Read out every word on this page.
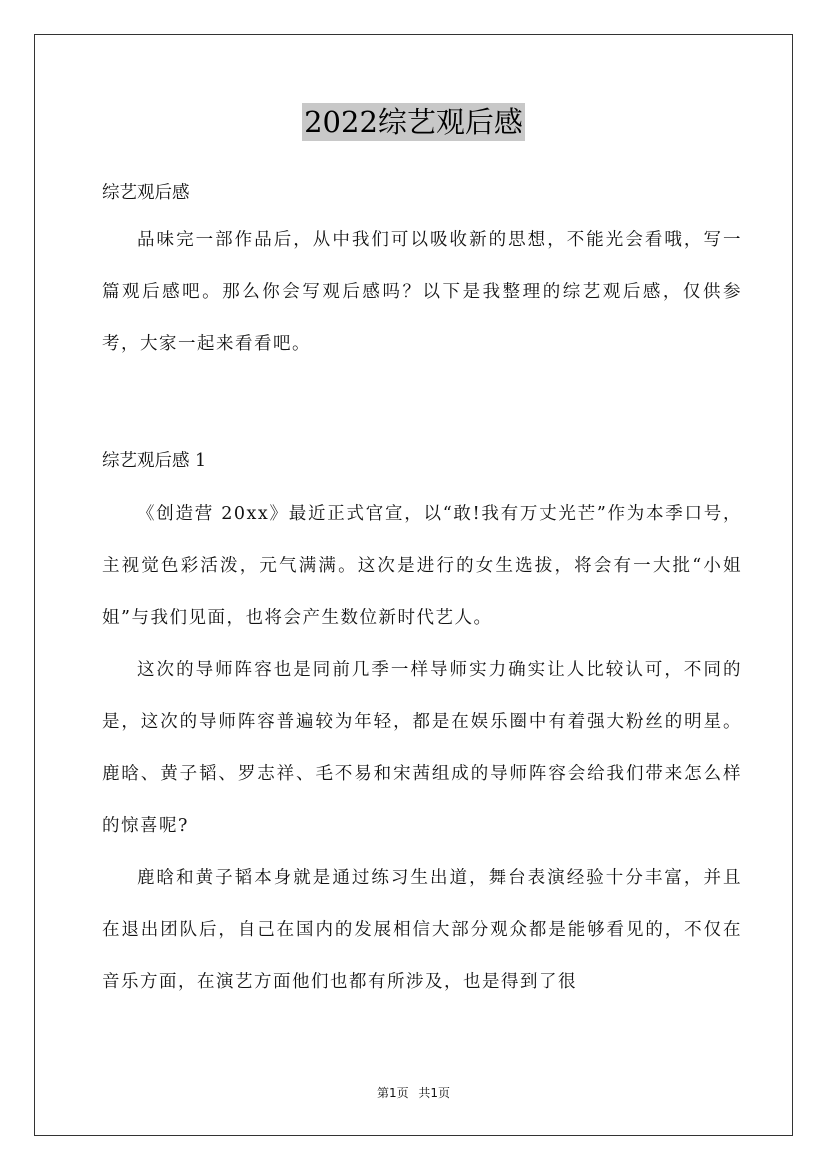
2022综艺观后感

综艺观后感

品味完一部作品后，从中我们可以吸收新的思想，不能光会看哦，写一篇观后感吧。那么你会写观后感吗？以下是我整理的综艺观后感，仅供参考，大家一起来看看吧。

综艺观后感 1

《创造营 20xx》最近正式官宣，以“敢!我有万丈光芒”作为本季口号，主视觉色彩活泼，元气满满。这次是进行的女生选拔，将会有一大批“小姐姐”与我们见面，也将会产生数位新时代艺人。

这次的导师阵容也是同前几季一样导师实力确实让人比较认可，不同的是，这次的导师阵容普遍较为年轻，都是在娱乐圈中有着强大粉丝的明星。鹿晗、黄子韬、罗志祥、毛不易和宋茜组成的导师阵容会给我们带来怎么样的惊喜呢?

鹿晗和黄子韬本身就是通过练习生出道，舞台表演经验十分丰富，并且在退出团队后，自己在国内的发展相信大部分观众都是能够看见的，不仅在音乐方面，在演艺方面他们也都有所涉及，也是得到了很

第1页 共1页
